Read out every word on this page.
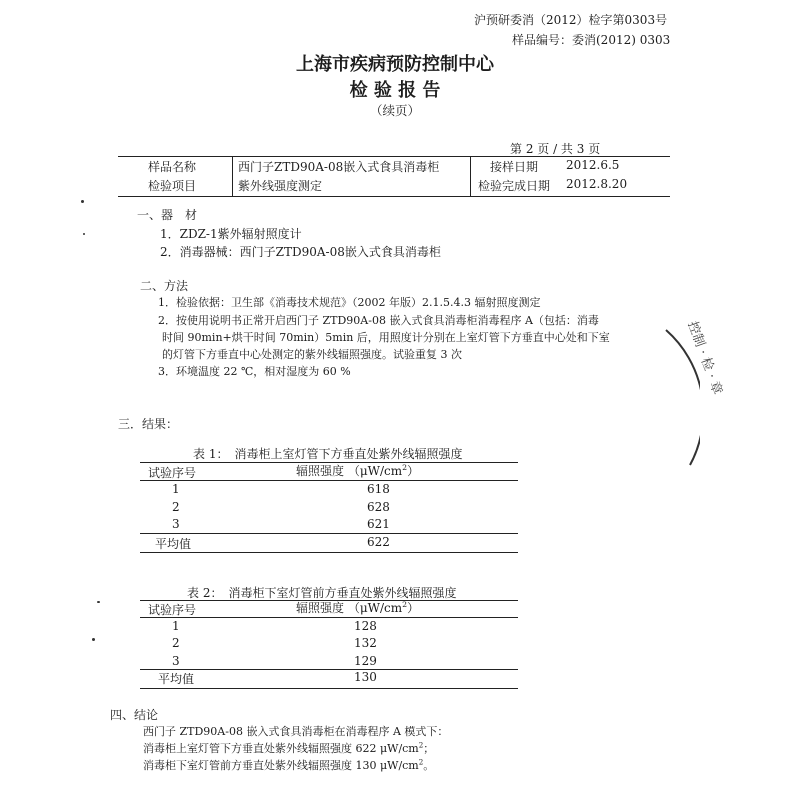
沪预研委消（2012）检字第0303号
样品编号：委消(2012) 0303
上海市疾病预防控制中心
检 验 报 告
（续页）
第 2 页 / 共 3 页
样品名称	西门子ZTD90A-08嵌入式食具消毒柜	接样日期 2012.6.5
检验项目	紫外线强度测定	检验完成日期 2012.8.20
一、器　材
1．ZDZ-1紫外辐射照度计
2．消毒器械：西门子ZTD90A-08嵌入式食具消毒柜
二、方法
1．检验依据：卫生部《消毒技术规范》（2002 年版）2.1.5.4.3 辐射照度测定
2．按使用说明书正常开启西门子 ZTD90A-08 嵌入式食具消毒柜消毒程序 A（包括：消毒
时间 90min+烘干时间 70min）5min 后，用照度计分别在上室灯管下方垂直中心处和下室
的灯管下方垂直中心处测定的紫外线辐照强度。试验重复 3 次
3．环境温度 22 ℃，相对湿度为 60 %
三．结果：
表 1：　消毒柜上室灯管下方垂直处紫外线辐照强度
试验序号	辐照强度 $(\mu W/cm^2)$
1	618
2	628
3	621
平均值	622
表 2：　消毒柜下室灯管前方垂直处紫外线辐照强度
试验序号	辐照强度 $(\mu W/cm^2)$
1	128
2	132
3	129
平均值	130
四、结论
西门子 ZTD90A-08 嵌入式食具消毒柜在消毒程序 A 模式下：
消毒柜上室灯管下方垂直处紫外线辐照强度 622 $\mu W/cm^2$；
消毒柜下室灯管前方垂直处紫外线辐照强度 130 $\mu W/cm^2$。
控制 · 检 · 章
